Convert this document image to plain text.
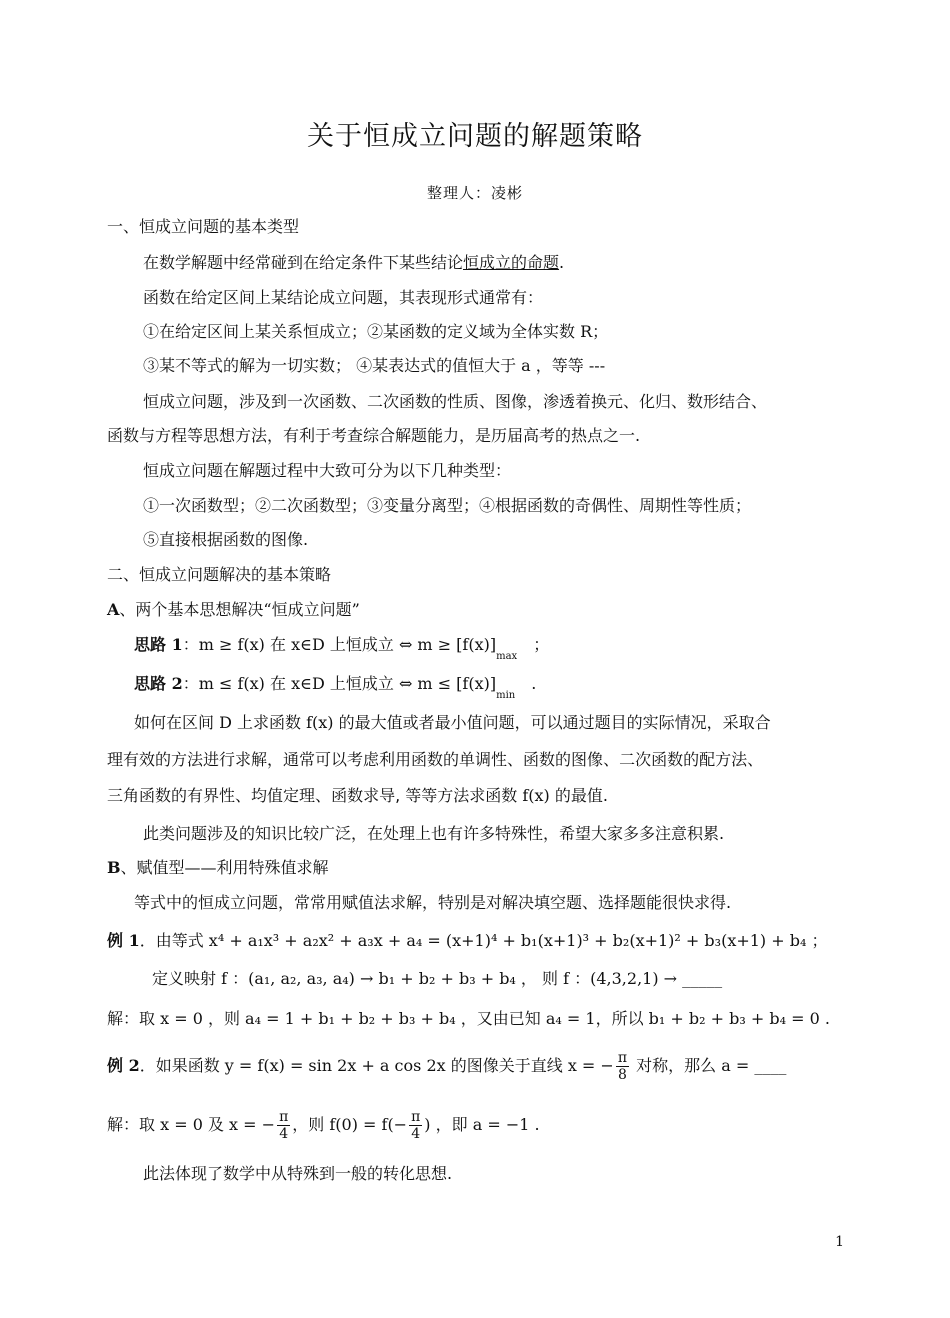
关于恒成立问题的解题策略
整理人：凌彬
一、恒成立问题的基本类型
在数学解题中经常碰到在给定条件下某些结论恒成立的命题.
函数在给定区间上某结论成立问题，其表现形式通常有：
①在给定区间上某关系恒成立；②某函数的定义域为全体实数 R；
③某不等式的解为一切实数； ④某表达式的值恒大于 a ，等等 ---
恒成立问题，涉及到一次函数、二次函数的性质、图像，渗透着换元、化归、数形结合、
函数与方程等思想方法，有利于考查综合解题能力，是历届高考的热点之一.
恒成立问题在解题过程中大致可分为以下几种类型：
①一次函数型；②二次函数型；③变量分离型；④根据函数的奇偶性、周期性等性质；
⑤直接根据函数的图像.
二、恒成立问题解决的基本策略
A、两个基本思想解决“恒成立问题”
思路 1：m ≥ f(x) 在 x∈D 上恒成立 ⇔ $m \ge [f(x)]_{max}$；
思路 2：m ≤ f(x) 在 x∈D 上恒成立 ⇔ $m \le [f(x)]_{min}$.
如何在区间 D 上求函数 f(x) 的最大值或者最小值问题，可以通过题目的实际情况，采取合
理有效的方法进行求解，通常可以考虑利用函数的单调性、函数的图像、二次函数的配方法、
三角函数的有界性、均值定理、函数求导, 等等方法求函数 f(x) 的最值.
此类问题涉及的知识比较广泛，在处理上也有许多特殊性，希望大家多多注意积累.
B、赋值型——利用特殊值求解
等式中的恒成立问题，常常用赋值法求解，特别是对解决填空题、选择题能很快求得.
例 1．由等式 x⁴ + a₁x³ + a₂x² + a₃x + a₄ = (x+1)⁴ + b₁(x+1)³ + b₂(x+1)² + b₃(x+1) + b₄ ；
定义映射 f ：(a₁, a₂, a₃, a₄) → b₁ + b₂ + b₃ + b₄ ， 则 f ：(4,3,2,1) → _____
解：取 x = 0 ，则 a₄ = 1 + b₁ + b₂ + b₃ + b₄ ，又由已知 a₄ = 1，所以 b₁ + b₂ + b₃ + b₄ = 0 .
例 2．如果函数 y = f(x) = sin 2x + a cos 2x 的图像关于直线 x = − $\frac{\pi}{8}$ 对称，那么 a = ____
解：取 x = 0 及 x = − $\frac{\pi}{4}$ ，则 $f(0) = f(- \frac{\pi}{4}$ ) ，即 a = −1 .
此法体现了数学中从特殊到一般的转化思想.
1
